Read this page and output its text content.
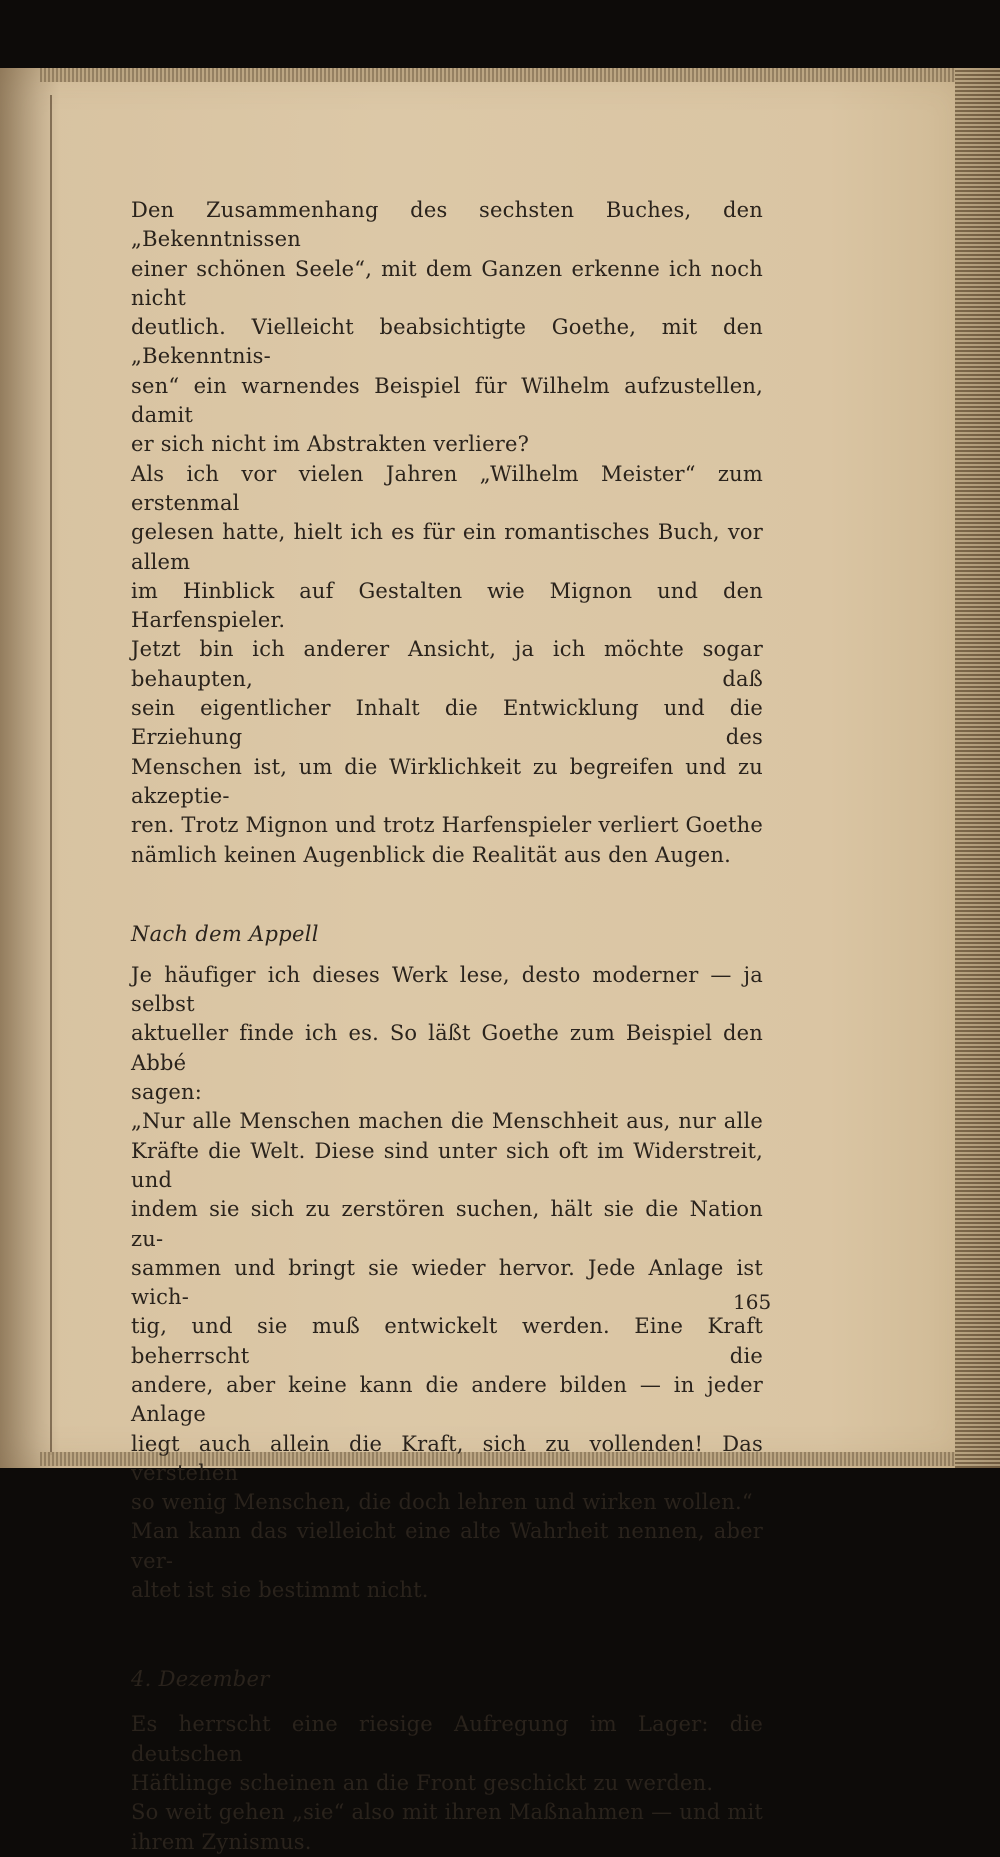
Den Zusammenhang des sechsten Buches, den „Bekenntnissen
einer schönen Seele“, mit dem Ganzen erkenne ich noch nicht
deutlich. Vielleicht beabsichtigte Goethe, mit den „Bekenntnis-
sen“ ein warnendes Beispiel für Wilhelm aufzustellen, damit
er sich nicht im Abstrakten verliere?

Als ich vor vielen Jahren „Wilhelm Meister“ zum erstenmal
gelesen hatte, hielt ich es für ein romantisches Buch, vor allem
im Hinblick auf Gestalten wie Mignon und den Harfenspieler.
Jetzt bin ich anderer Ansicht, ja ich möchte sogar behaupten, daß
sein eigentlicher Inhalt die Entwicklung und die Erziehung des
Menschen ist, um die Wirklichkeit zu begreifen und zu akzeptie-
ren. Trotz Mignon und trotz Harfenspieler verliert Goethe
nämlich keinen Augenblick die Realität aus den Augen.

Nach dem Appell

Je häufiger ich dieses Werk lese, desto moderner — ja selbst
aktueller finde ich es. So läßt Goethe zum Beispiel den Abbé
sagen:

„Nur alle Menschen machen die Menschheit aus, nur alle
Kräfte die Welt. Diese sind unter sich oft im Widerstreit, und
indem sie sich zu zerstören suchen, hält sie die Nation zu-
sammen und bringt sie wieder hervor. Jede Anlage ist wich-
tig, und sie muß entwickelt werden. Eine Kraft beherrscht die
andere, aber keine kann die andere bilden — in jeder Anlage
liegt auch allein die Kraft, sich zu vollenden! Das verstehen
so wenig Menschen, die doch lehren und wirken wollen.“

Man kann das vielleicht eine alte Wahrheit nennen, aber ver-
altet ist sie bestimmt nicht.

4. Dezember

Es herrscht eine riesige Aufregung im Lager: die deutschen
Häftlinge scheinen an die Front geschickt zu werden.

So weit gehen „sie“ also mit ihren Maßnahmen — und mit
ihrem Zynismus.

165
